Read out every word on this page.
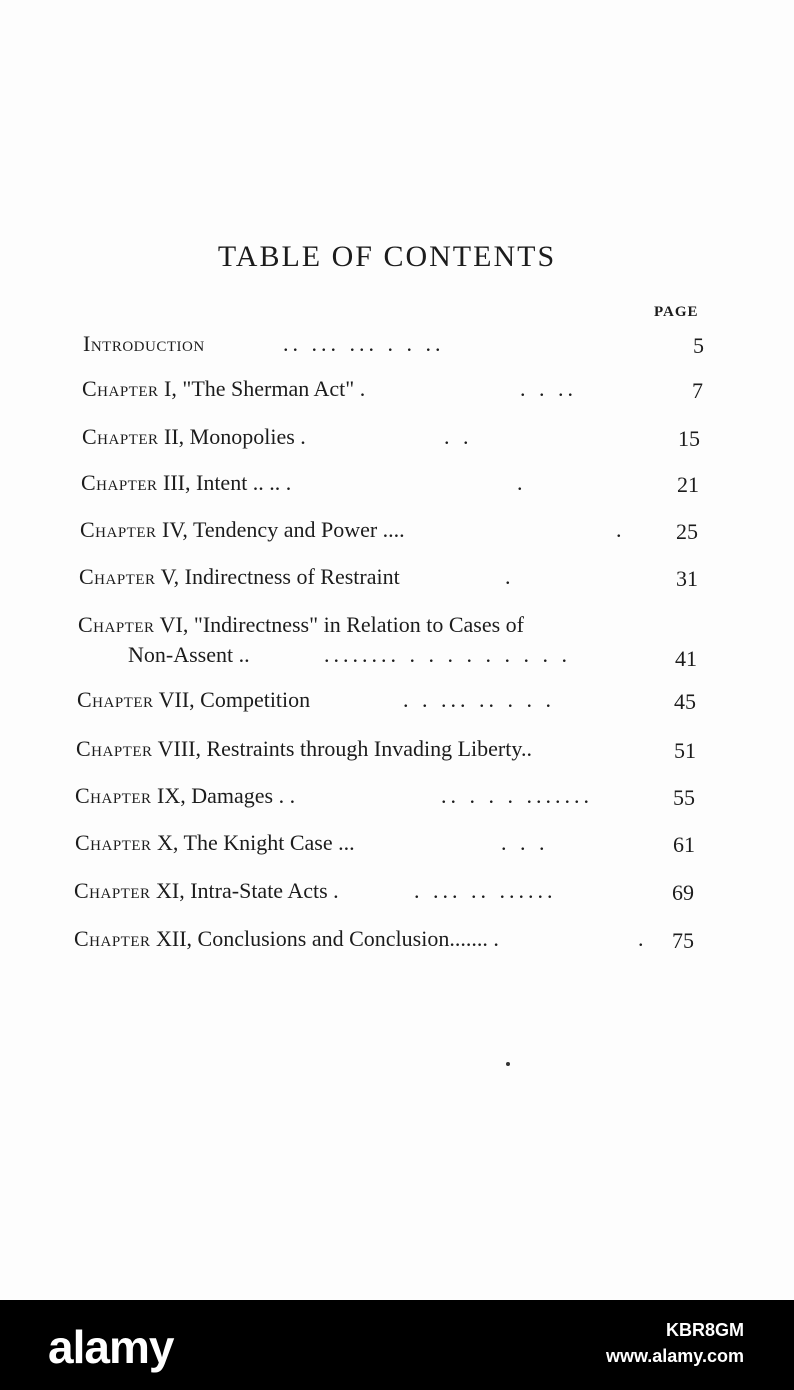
TABLE OF CONTENTS
PAGE
Introduction	.. ... ... . . ..	5
Chapter I, "The Sherman Act" .	. . ..	7
Chapter II, Monopolies .	. .	15
Chapter III, Intent .. .. .	.	21
Chapter IV, Tendency and Power ....	. 25
Chapter V, Indirectness of Restraint	.	31
Chapter VI, "Indirectness" in Relation to Cases of
Non-Assent ..	........ . . . . . . . . .	41
Chapter VII, Competition	. . ... .. . . .	45
Chapter VIII, Restraints through Invading Liberty..	51
Chapter IX, Damages . .	.. . . . .......	55
Chapter X, The Knight Case ...	. . .	61
Chapter XI, Intra-State Acts .	. ... .. ......	69
Chapter XII, Conclusions and Conclusion....... .	. 75
alamy	KBR8GM
www.alamy.com
